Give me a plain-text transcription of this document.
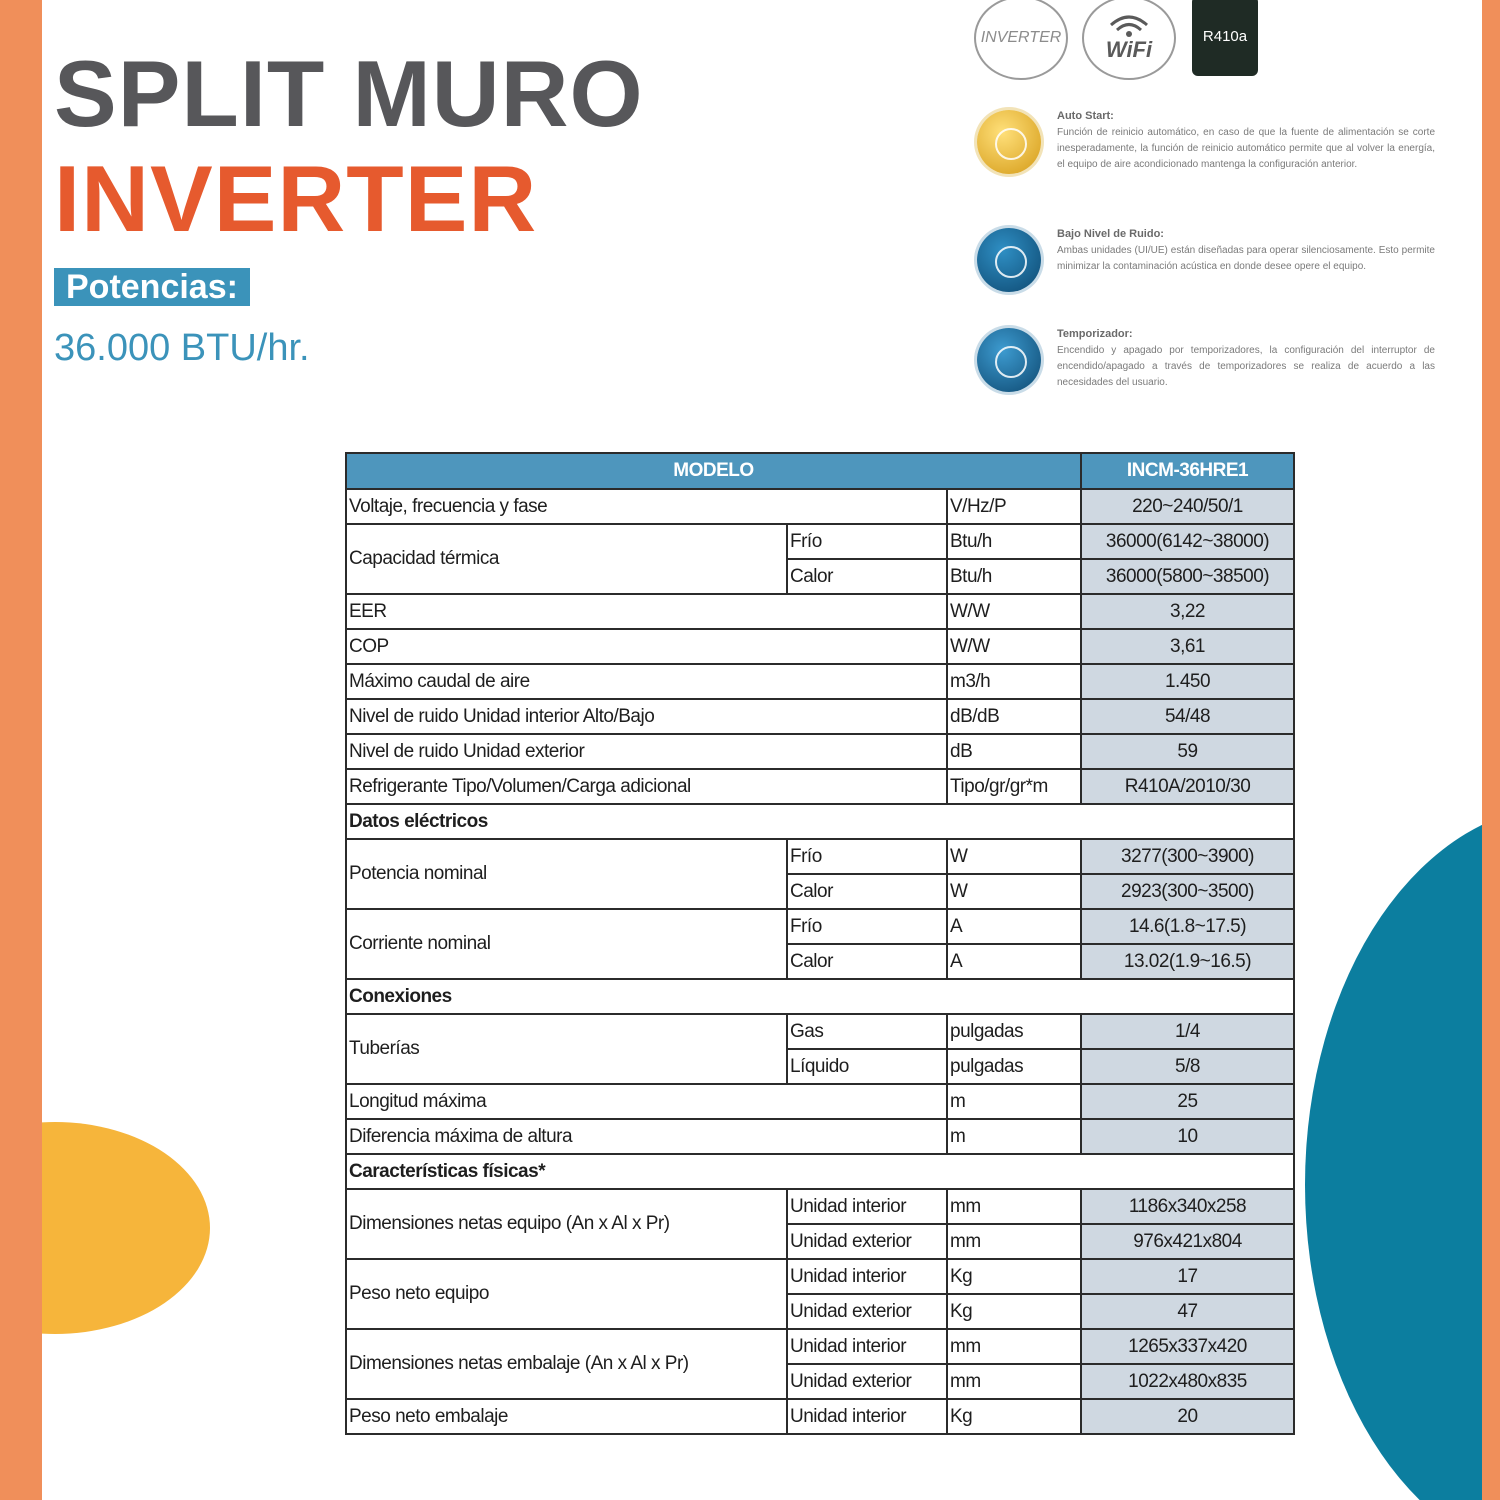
SPLIT MURO
INVERTER
Potencias:
36.000 BTU/hr.
INVERTER WiFi
R410a
Auto Start:
Función de reinicio automático, en caso de que la fuente de alimentación se corte inesperadamente, la función de reinicio automático permite que al volver la energía, el equipo de aire acondicionado mantenga la configuración anterior.
Bajo Nivel de Ruido:
Ambas unidades (UI/UE) están diseñadas para operar silenciosamente. Esto permite minimizar la contaminación acústica en donde desee opere el equipo.
Temporizador:
Encendido y apagado por temporizadores, la configuración del interruptor de encendido/apagado a través de temporizadores se realiza de acuerdo a las necesidades del usuario.
MODELO			INCM-36HRE1
Voltaje, frecuencia y fase		V/Hz/P	220~240/50/1
Capacidad térmica	Frío	Btu/h	36000(6142~38000)
	Calor	Btu/h	36000(5800~38500)
EER		W/W	3,22
COP		W/W	3,61
Máximo caudal de aire		m3/h	1.450
Nivel de ruido Unidad interior Alto/Bajo		dB/dB	54/48
Nivel de ruido Unidad exterior		dB	59
Refrigerante Tipo/Volumen/Carga adicional		Tipo/gr/gr*m	R410A/2010/30
Datos eléctricos			
Potencia nominal	Frío	W	3277(300~3900)
	Calor	W	2923(300~3500)
Corriente nominal	Frío	A	14.6(1.8~17.5)
	Calor	A	13.02(1.9~16.5)
Conexiones			
Tuberías	Gas	pulgadas	1/4
	Líquido	pulgadas	5/8
Longitud máxima		m	25
Diferencia máxima de altura		m	10
Características físicas*			
Dimensiones netas equipo (An x Al x Pr)	Unidad interior	mm	1186x340x258
	Unidad exterior	mm	976x421x804
Peso neto equipo	Unidad interior	Kg	17
	Unidad exterior	Kg	47
Dimensiones netas embalaje (An x Al x Pr)	Unidad interior	mm	1265x337x420
	Unidad exterior	mm	1022x480x835
Peso neto embalaje	Unidad interior	Kg	20
